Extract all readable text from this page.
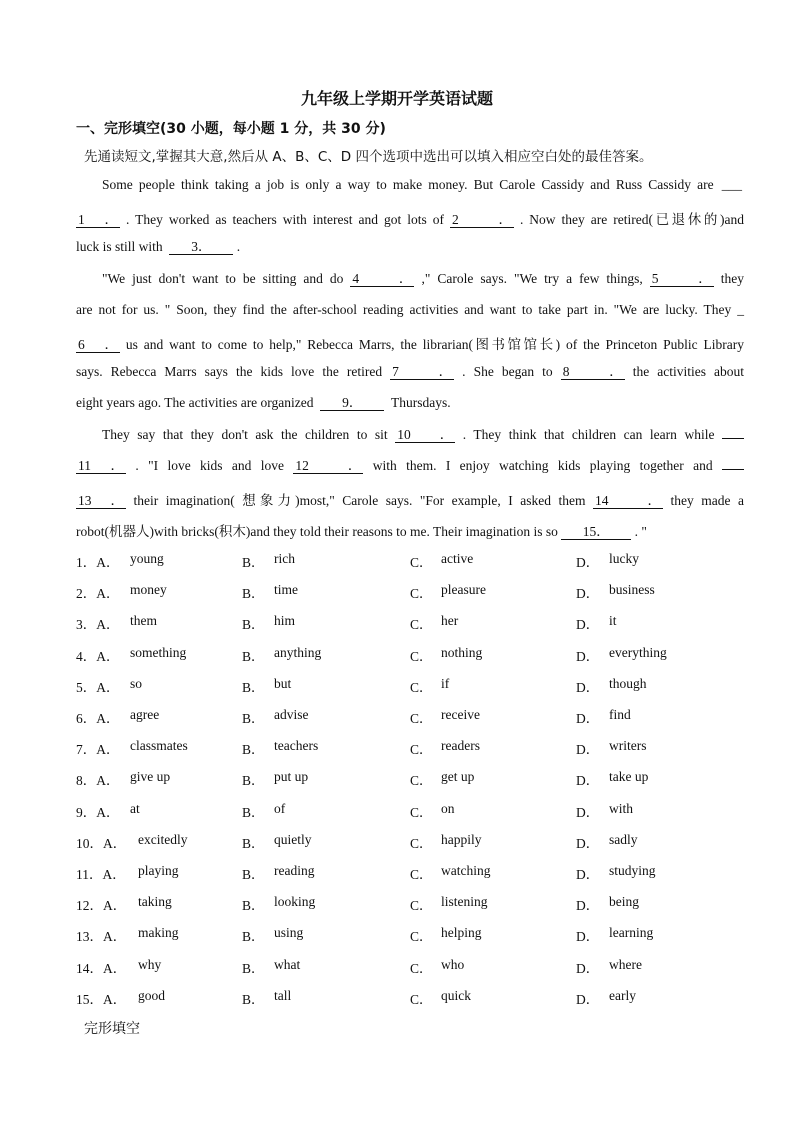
九年级上学期开学英语试题
一、完形填空(30 小题，每小题 1 分，共 30 分)
先通读短文,掌握其大意,然后从 A、B、C、D 四个选项中选出可以填入相应空白处的最佳答案。
Some people think taking a job is only a way to make money. But Carole Cassidy and Russ Cassidy are ___
1． . They worked as teachers with interest and got lots of 2． . Now they are retired(已退休的)and
luck is still with 3． .
"We just don't want to be sitting and do 4． ," Carole says. "We try a few things, 5． they
are not for us. " Soon, they find the after-school reading activities and want to take part in. "We are lucky. They _
6． us and want to come to help," Rebecca Marrs, the librarian(图书馆馆长) of the Princeton Public Library
says. Rebecca Marrs says the kids love the retired 7． . She began to 8． the activities about
eight years ago. The activities are organized 9． Thursdays.
They say that they don't ask the children to sit 10． . They think that children can learn while
11． . "I love kids and love 12． with them. I enjoy watching kids playing together and
13． their imagination( 想象力)most," Carole says. "For example, I asked them 14． they made a
robot(机器人)with bricks(积木)and they told their reasons to me. Their imagination is so 15． . "
1．A． young	B． rich	C． active	D． lucky
2．A． money	B． time	C． pleasure	D． business
3．A． them	B． him	C． her	D． it
4．A． something	B． anything	C． nothing	D． everything
5．A． so	B． but	C． if	D． though
6．A． agree	B． advise	C． receive	D． find
7．A． classmates	B． teachers	C． readers	D． writers
8．A． give up	B． put up	C． get up	D． take up
9．A． at	B． of	C． on	D． with
10．A． excitedly	B． quietly	C． happily	D． sadly
11．A． playing	B． reading	C． watching	D． studying
12．A． taking	B． looking	C． listening	D． being
13．A． making	B． using	C． helping	D． learning
14．A． why	B． what	C． who	D． where
15．A． good	B． tall	C． quick	D． early
完形填空
